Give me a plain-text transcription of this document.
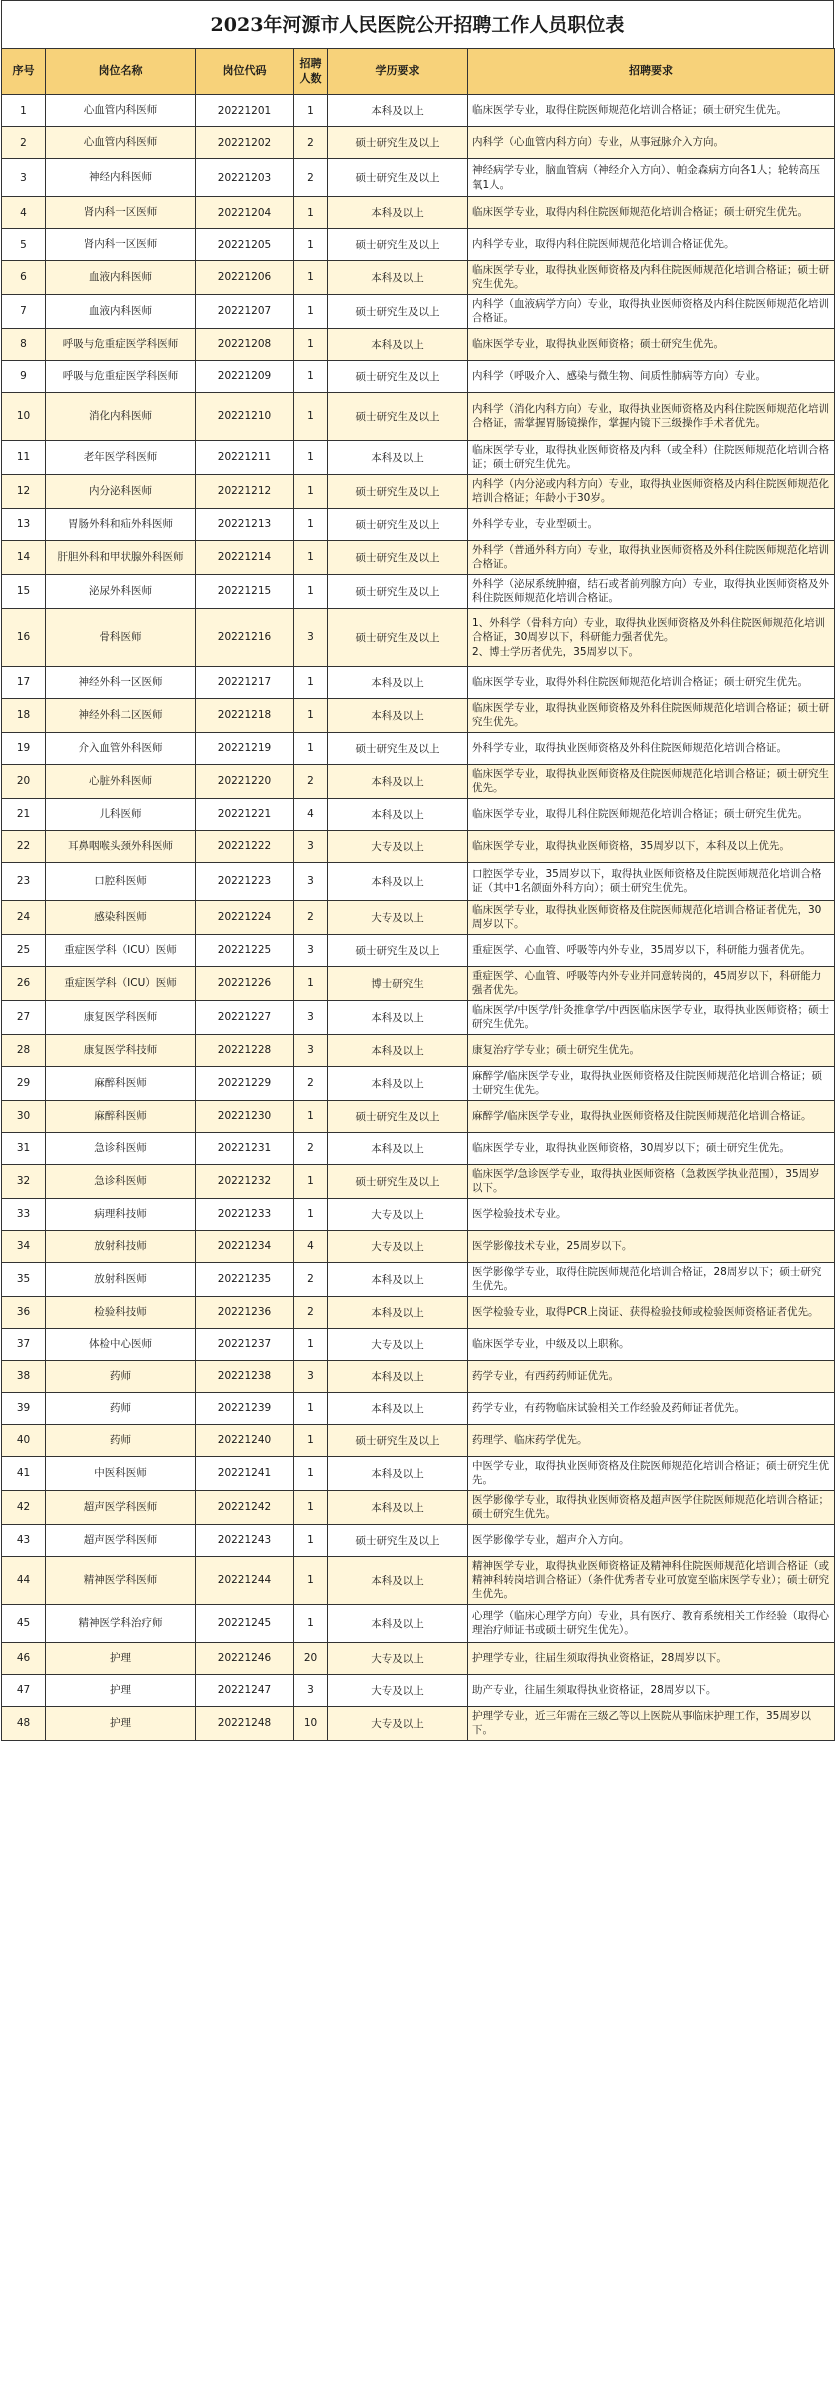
2023年河源市人民医院公开招聘工作人员职位表
序号	岗位名称	岗位代码	招聘人数	学历要求	招聘要求
1	心血管内科医师	20221201	1	本科及以上	临床医学专业，取得住院医师规范化培训合格证；硕士研究生优先。
2	心血管内科医师	20221202	2	硕士研究生及以上	内科学（心血管内科方向）专业，从事冠脉介入方向。
3	神经内科医师	20221203	2	硕士研究生及以上	神经病学专业，脑血管病（神经介入方向）、帕金森病方向各1人；轮转高压氧1人。
4	肾内科一区医师	20221204	1	本科及以上	临床医学专业，取得内科住院医师规范化培训合格证；硕士研究生优先。
5	肾内科一区医师	20221205	1	硕士研究生及以上	内科学专业，取得内科住院医师规范化培训合格证优先。
6	血液内科医师	20221206	1	本科及以上	临床医学专业，取得执业医师资格及内科住院医师规范化培训合格证；硕士研究生优先。
7	血液内科医师	20221207	1	硕士研究生及以上	内科学（血液病学方向）专业，取得执业医师资格及内科住院医师规范化培训合格证。
8	呼吸与危重症医学科医师	20221208	1	本科及以上	临床医学专业，取得执业医师资格；硕士研究生优先。
9	呼吸与危重症医学科医师	20221209	1	硕士研究生及以上	内科学（呼吸介入、感染与微生物、间质性肺病等方向）专业。
10	消化内科医师	20221210	1	硕士研究生及以上	内科学（消化内科方向）专业，取得执业医师资格及内科住院医师规范化培训合格证，需掌握胃肠镜操作，掌握内镜下三级操作手术者优先。
11	老年医学科医师	20221211	1	本科及以上	临床医学专业，取得执业医师资格及内科（或全科）住院医师规范化培训合格证；硕士研究生优先。
12	内分泌科医师	20221212	1	硕士研究生及以上	内科学（内分泌或内科方向）专业，取得执业医师资格及内科住院医师规范化培训合格证；年龄小于30岁。
13	胃肠外科和疝外科医师	20221213	1	硕士研究生及以上	外科学专业，专业型硕士。
14	肝胆外科和甲状腺外科医师	20221214	1	硕士研究生及以上	外科学（普通外科方向）专业，取得执业医师资格及外科住院医师规范化培训合格证。
15	泌尿外科医师	20221215	1	硕士研究生及以上	外科学（泌尿系统肿瘤，结石或者前列腺方向）专业，取得执业医师资格及外科住院医师规范化培训合格证。
16	骨科医师	20221216	3	硕士研究生及以上	1、外科学（骨科方向）专业，取得执业医师资格及外科住院医师规范化培训合格证，30周岁以下，科研能力强者优先。
2、博士学历者优先，35周岁以下。
17	神经外科一区医师	20221217	1	本科及以上	临床医学专业，取得外科住院医师规范化培训合格证；硕士研究生优先。
18	神经外科二区医师	20221218	1	本科及以上	临床医学专业，取得执业医师资格及外科住院医师规范化培训合格证；硕士研究生优先。
19	介入血管外科医师	20221219	1	硕士研究生及以上	外科学专业，取得执业医师资格及外科住院医师规范化培训合格证。
20	心脏外科医师	20221220	2	本科及以上	临床医学专业，取得执业医师资格及住院医师规范化培训合格证；硕士研究生优先。
21	儿科医师	20221221	4	本科及以上	临床医学专业，取得儿科住院医师规范化培训合格证；硕士研究生优先。
22	耳鼻咽喉头颈外科医师	20221222	3	大专及以上	临床医学专业，取得执业医师资格，35周岁以下，本科及以上优先。
23	口腔科医师	20221223	3	本科及以上	口腔医学专业，35周岁以下，取得执业医师资格及住院医师规范化培训合格证（其中1名颌面外科方向）；硕士研究生优先。
24	感染科医师	20221224	2	大专及以上	临床医学专业，取得执业医师资格及住院医师规范化培训合格证者优先，30周岁以下。
25	重症医学科（ICU）医师	20221225	3	硕士研究生及以上	重症医学、心血管、呼吸等内外专业，35周岁以下，科研能力强者优先。
26	重症医学科（ICU）医师	20221226	1	博士研究生	重症医学、心血管、呼吸等内外专业并同意转岗的，45周岁以下，科研能力强者优先。
27	康复医学科医师	20221227	3	本科及以上	临床医学/中医学/针灸推拿学/中西医临床医学专业，取得执业医师资格；硕士研究生优先。
28	康复医学科技师	20221228	3	本科及以上	康复治疗学专业；硕士研究生优先。
29	麻醉科医师	20221229	2	本科及以上	麻醉学/临床医学专业，取得执业医师资格及住院医师规范化培训合格证；硕士研究生优先。
30	麻醉科医师	20221230	1	硕士研究生及以上	麻醉学/临床医学专业，取得执业医师资格及住院医师规范化培训合格证。
31	急诊科医师	20221231	2	本科及以上	临床医学专业，取得执业医师资格，30周岁以下；硕士研究生优先。
32	急诊科医师	20221232	1	硕士研究生及以上	临床医学/急诊医学专业，取得执业医师资格（急救医学执业范围），35周岁以下。
33	病理科技师	20221233	1	大专及以上	医学检验技术专业。
34	放射科技师	20221234	4	大专及以上	医学影像技术专业，25周岁以下。
35	放射科医师	20221235	2	本科及以上	医学影像学专业，取得住院医师规范化培训合格证，28周岁以下；硕士研究生优先。
36	检验科技师	20221236	2	本科及以上	医学检验专业，取得PCR上岗证、获得检验技师或检验医师资格证者优先。
37	体检中心医师	20221237	1	大专及以上	临床医学专业，中级及以上职称。
38	药师	20221238	3	本科及以上	药学专业，有西药药师证优先。
39	药师	20221239	1	本科及以上	药学专业，有药物临床试验相关工作经验及药师证者优先。
40	药师	20221240	1	硕士研究生及以上	药理学、临床药学优先。
41	中医科医师	20221241	1	本科及以上	中医学专业，取得执业医师资格及住院医师规范化培训合格证；硕士研究生优先。
42	超声医学科医师	20221242	1	本科及以上	医学影像学专业，取得执业医师资格及超声医学住院医师规范化培训合格证；硕士研究生优先。
43	超声医学科医师	20221243	1	硕士研究生及以上	医学影像学专业，超声介入方向。
44	精神医学科医师	20221244	1	本科及以上	精神医学专业，取得执业医师资格证及精神科住院医师规范化培训合格证（或精神科转岗培训合格证）（条件优秀者专业可放宽至临床医学专业）；硕士研究生优先。
45	精神医学科治疗师	20221245	1	本科及以上	心理学（临床心理学方向）专业，具有医疗、教育系统相关工作经验（取得心理治疗师证书或硕士研究生优先）。
46	护理	20221246	20	大专及以上	护理学专业，往届生须取得执业资格证，28周岁以下。
47	护理	20221247	3	大专及以上	助产专业，往届生须取得执业资格证，28周岁以下。
48	护理	20221248	10	大专及以上	护理学专业，近三年需在三级乙等以上医院从事临床护理工作，35周岁以下。
